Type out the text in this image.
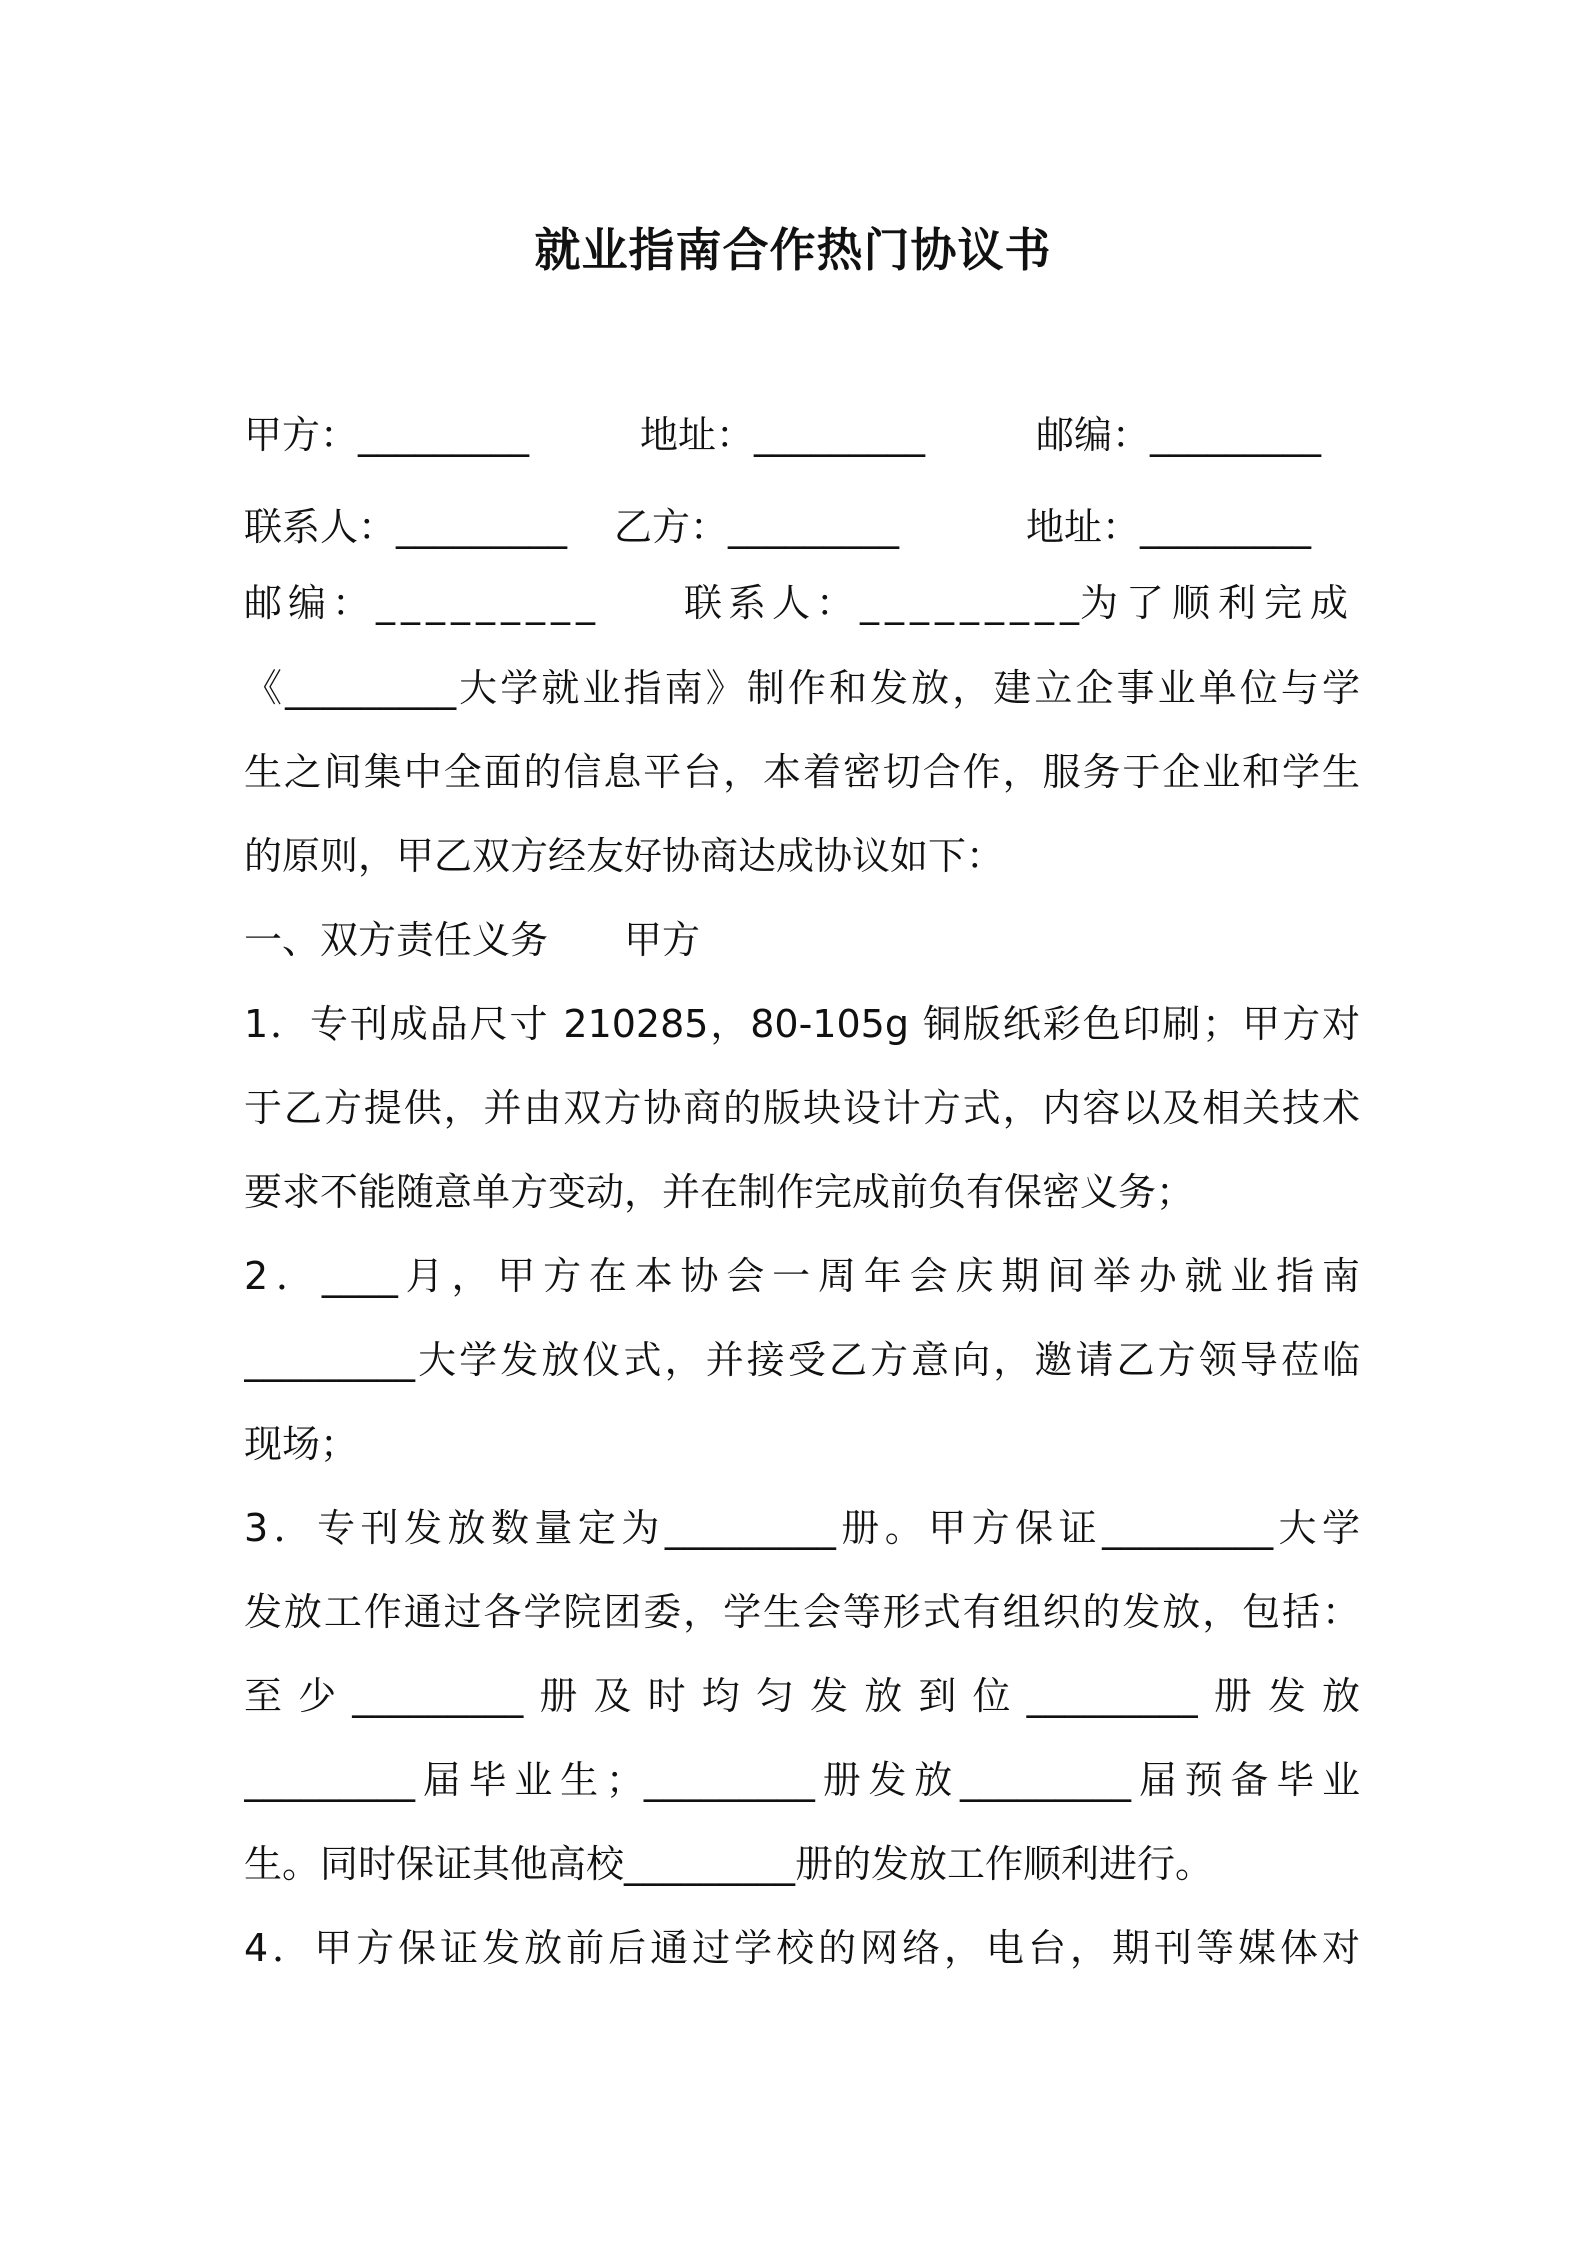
就业指南合作热门协议书
甲方：_________	地址：_________	邮编：_________
联系人：_________ 乙方：_________	地址：_________
邮编：_________ 联系人：_________
为了顺利完成
《_________大学就业指南》制作和发放，建立企事业单位与学
生之间集中全面的信息平台，本着密切合作，服务于企业和学生
的原则，甲乙双方经友好协商达成协议如下：
一、双方责任义务　　甲方
1．专刊成品尺寸 210285，80-105g 铜版纸彩色印刷；甲方对
于乙方提供，并由双方协商的版块设计方式，内容以及相关技术
要求不能随意单方变动，并在制作完成前负有保密义务；
2．____月，甲方在本协会一周年会庆期间举办就业指南
_________大学发放仪式，并接受乙方意向，邀请乙方领导莅临
现场；
3．专刊发放数量定为_________册。甲方保证_________大学
发放工作通过各学院团委，学生会等形式有组织的发放，包括：
至少_________册及时均匀发放到位_________册发放
_________届毕业生；_________册发放_________届预备毕业
生。同时保证其他高校_________册的发放工作顺利进行。
4．甲方保证发放前后通过学校的网络，电台，期刊等媒体对
